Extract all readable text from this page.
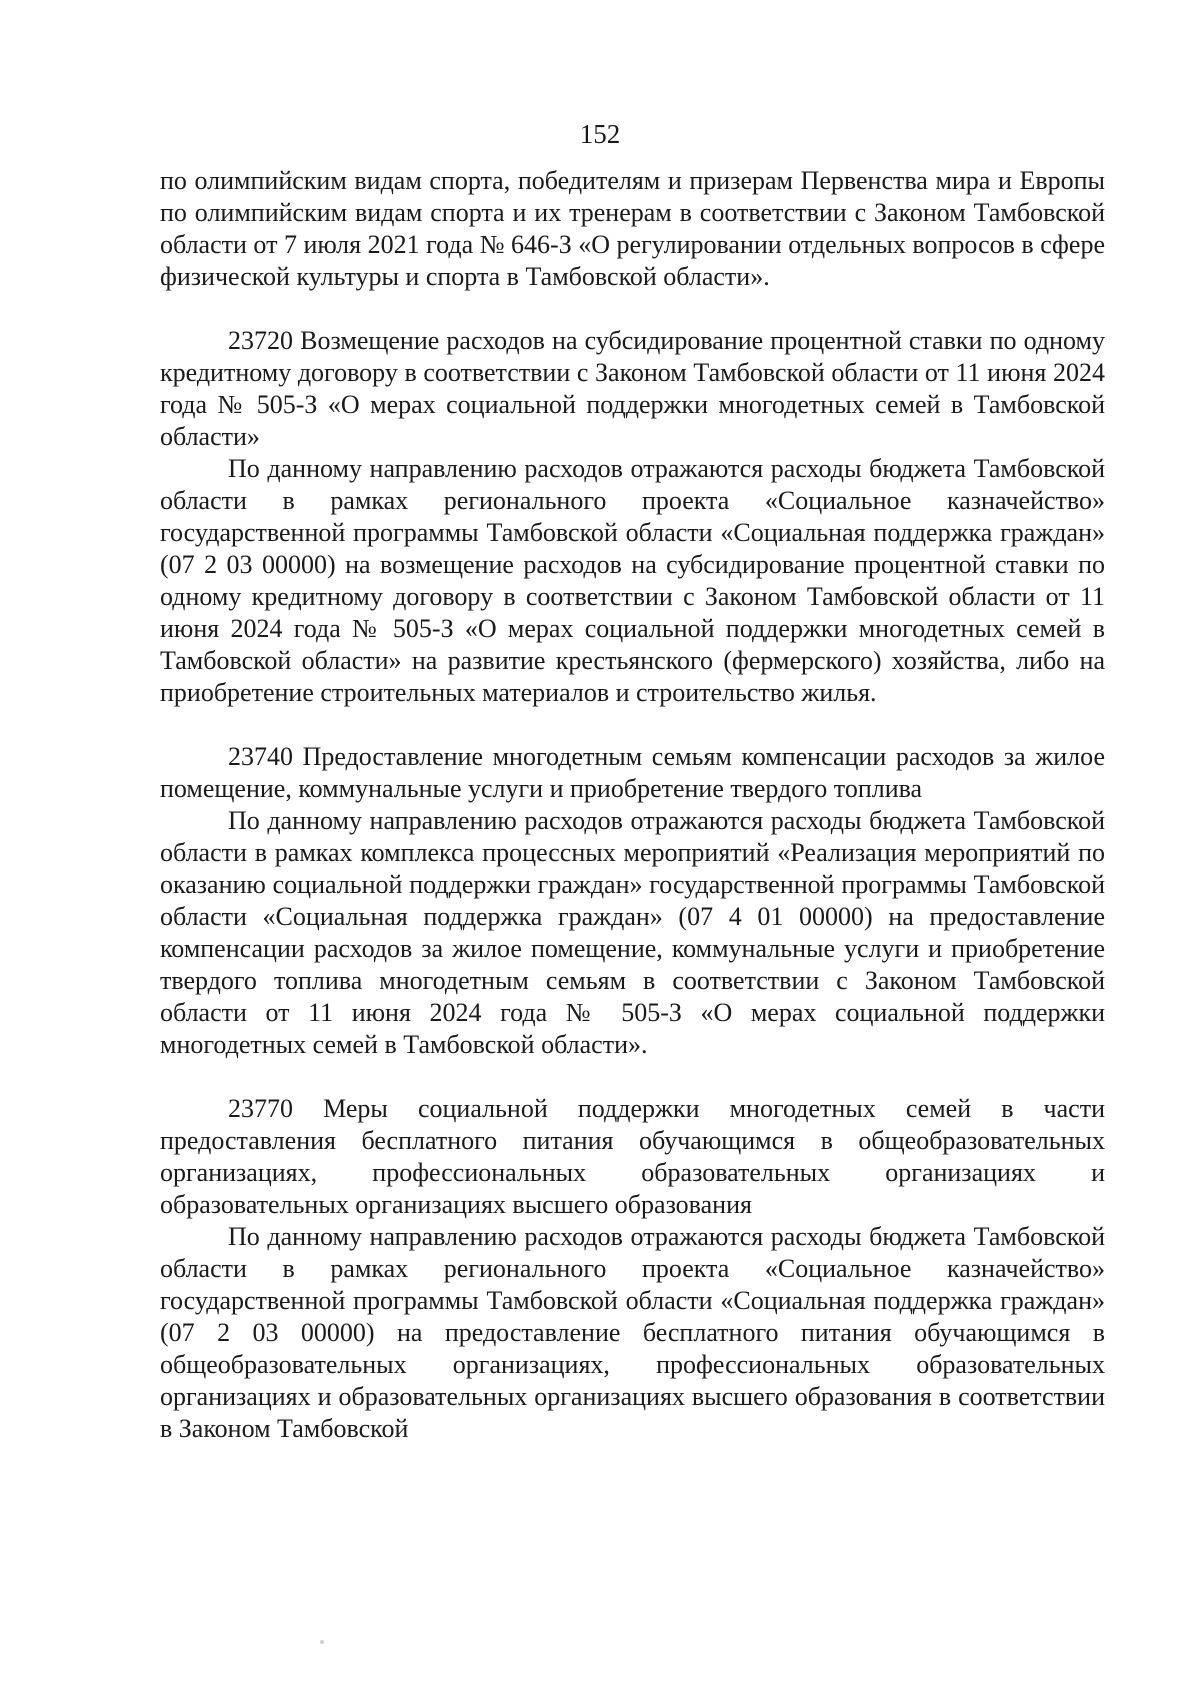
152

по олимпийским видам спорта, победителям и призерам Первенства мира и Европы по олимпийским видам спорта и их тренерам в соответствии с Законом Тамбовской области от 7 июля 2021 года № 646-З «О регулировании отдельных вопросов в сфере физической культуры и спорта в Тамбовской области».

23720 Возмещение расходов на субсидирование процентной ставки по одному кредитному договору в соответствии с Законом Тамбовской области от 11 июня 2024 года № 505-З «О мерах социальной поддержки многодетных семей в Тамбовской области»

По данному направлению расходов отражаются расходы бюджета Тамбовской области в рамках регионального проекта «Социальное казначейство» государственной программы Тамбовской области «Социальная поддержка граждан» (07 2 03 00000) на возмещение расходов на субсидирование процентной ставки по одному кредитному договору в соответствии с Законом Тамбовской области от 11 июня 2024 года № 505-З «О мерах социальной поддержки многодетных семей в Тамбовской области» на развитие крестьянского (фермерского) хозяйства, либо на приобретение строительных материалов и строительство жилья.

23740 Предоставление многодетным семьям компенсации расходов за жилое помещение, коммунальные услуги и приобретение твердого топлива

По данному направлению расходов отражаются расходы бюджета Тамбовской области в рамках комплекса процессных мероприятий «Реализация мероприятий по оказанию социальной поддержки граждан» государственной программы Тамбовской области «Социальная поддержка граждан» (07 4 01 00000) на предоставление компенсации расходов за жилое помещение, коммунальные услуги и приобретение твердого топлива многодетным семьям в соответствии с Законом Тамбовской области от 11 июня 2024 года № 505-З «О мерах социальной поддержки многодетных семей в Тамбовской области».

23770 Меры социальной поддержки многодетных семей в части предоставления бесплатного питания обучающимся в общеобразовательных организациях, профессиональных образовательных организациях и образовательных организациях высшего образования

По данному направлению расходов отражаются расходы бюджета Тамбовской области в рамках регионального проекта «Социальное казначейство» государственной программы Тамбовской области «Социальная поддержка граждан» (07 2 03 00000) на предоставление бесплатного питания обучающимся в общеобразовательных организациях, профессиональных образовательных организациях и образовательных организациях высшего образования в соответствии в Законом Тамбовской
